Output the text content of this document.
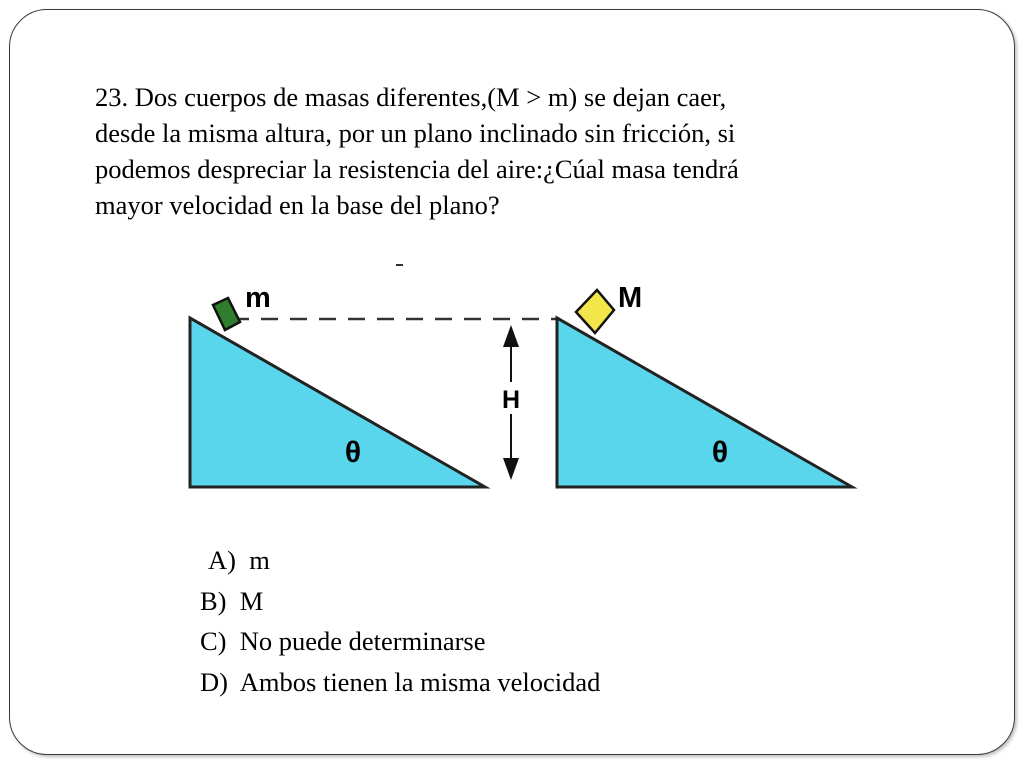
23. Dos cuerpos de masas diferentes,(M > m) se dejan caer,
desde la misma altura, por un plano inclinado sin fricción, si
podemos despreciar la resistencia del aire:¿Cúal masa tendrá
mayor velocidad en la base del plano?

m	M
H
θ	θ
A) m
B) M
C) No puede determinarse
D) Ambos tienen la misma velocidad
